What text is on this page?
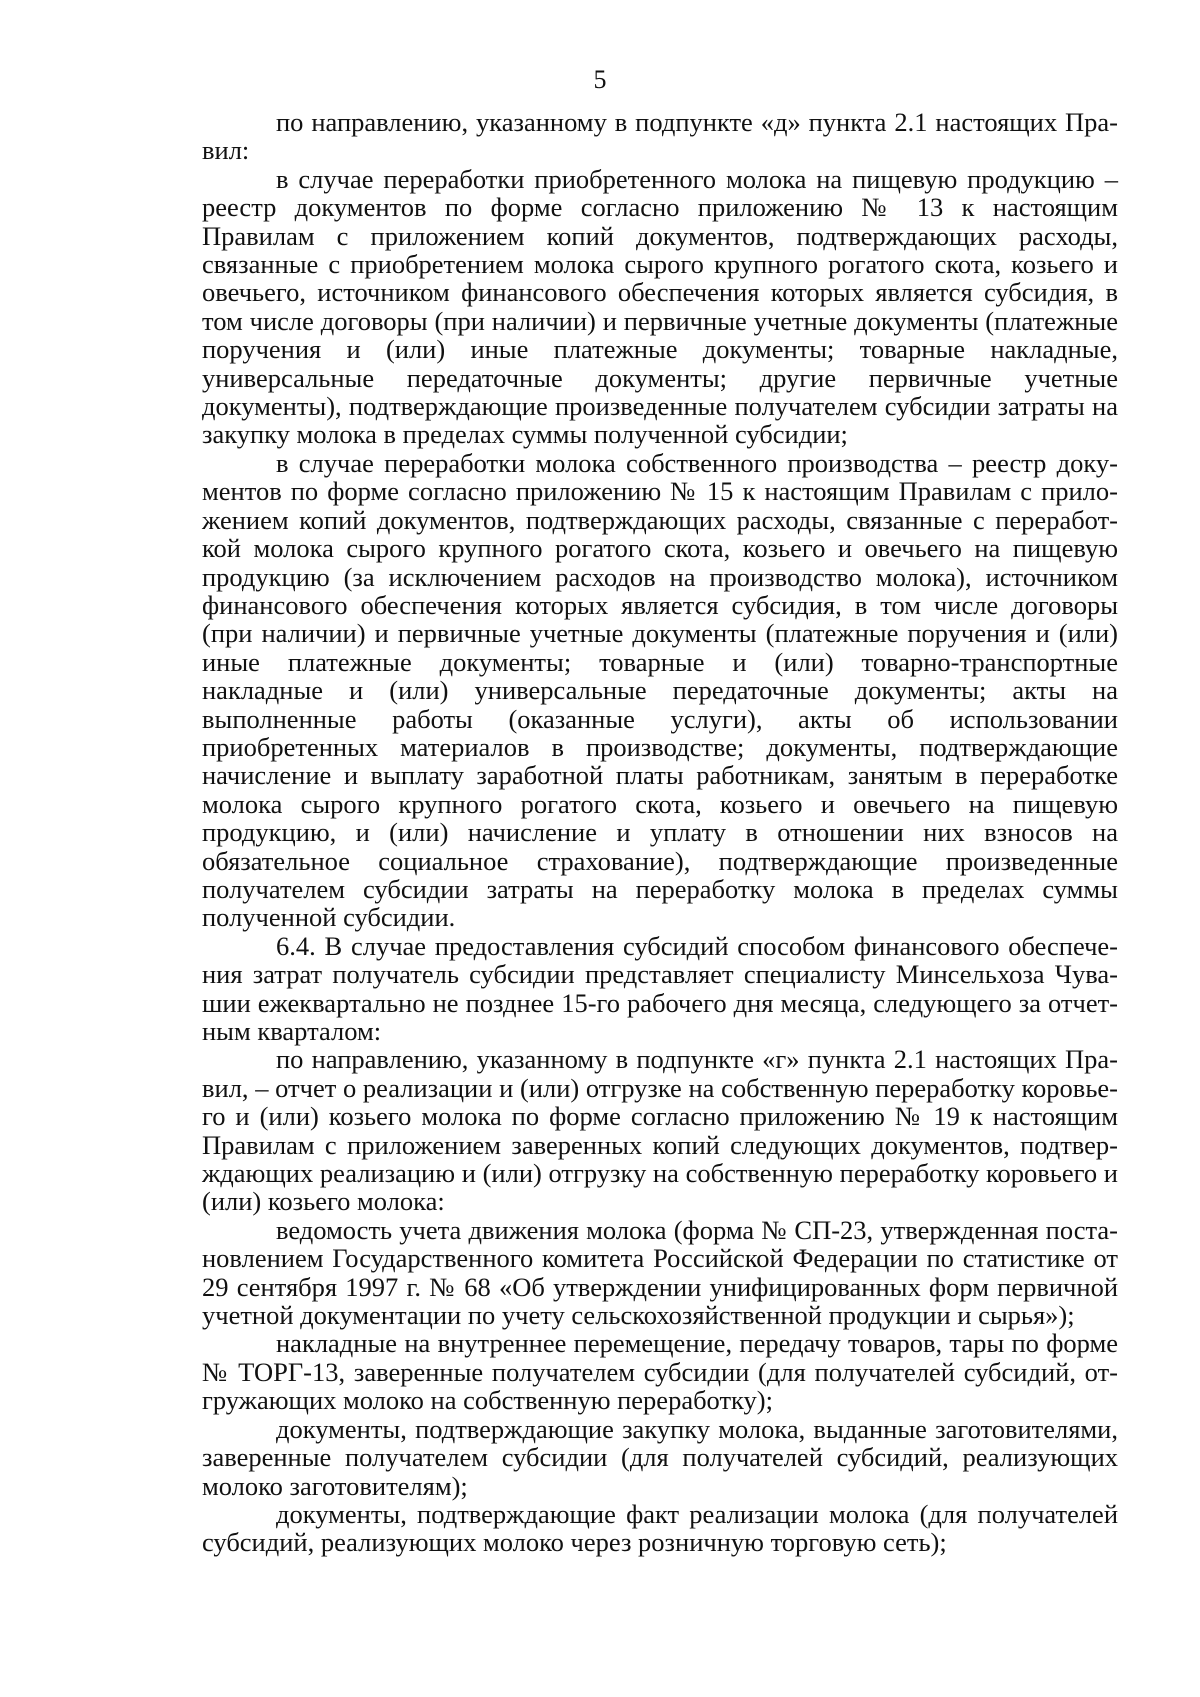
5

по направлению, указанному в подпункте «д» пункта 2.1 настоящих Правил:

в случае переработки приобретенного молока на пищевую продукцию – реестр документов по форме согласно приложению № 13 к настоящим Правилам с приложением копий документов, подтверждающих расходы, связанные с приобретением молока сырого крупного рогатого скота, козьего и овечьего, источником финансового обеспечения которых является субсидия, в том числе договоры (при наличии) и первичные учетные документы (платежные поручения и (или) иные платежные документы; товарные накладные, универсальные передаточные документы; другие первичные учетные документы), подтверждающие произведенные получателем субсидии затраты на закупку молока в пределах суммы полученной субсидии;

в случае переработки молока собственного производства – реестр документов по форме согласно приложению № 15 к настоящим Правилам с приложением копий документов, подтверждающих расходы, связанные с переработкой молока сырого крупного рогатого скота, козьего и овечьего на пищевую продукцию (за исключением расходов на производство молока), источником финансового обеспечения которых является субсидия, в том числе договоры (при наличии) и первичные учетные документы (платежные поручения и (или) иные платежные документы; товарные и (или) товарно-транспортные накладные и (или) универсальные передаточные документы; акты на выполненные работы (оказанные услуги), акты об использовании приобретенных материалов в производстве; документы, подтверждающие начисление и выплату заработной платы работникам, занятым в переработке молока сырого крупного рогатого скота, козьего и овечьего на пищевую продукцию, и (или) начисление и уплату в отношении них взносов на обязательное социальное страхование), подтверждающие произведенные получателем субсидии затраты на переработку молока в пределах суммы полученной субсидии.

6.4. В случае предоставления субсидий способом финансового обеспечения затрат получатель субсидии представляет специалисту Минсельхоза Чувашии ежеквартально не позднее 15-го рабочего дня месяца, следующего за отчетным кварталом:

по направлению, указанному в подпункте «г» пункта 2.1 настоящих Правил, – отчет о реализации и (или) отгрузке на собственную переработку коровьего и (или) козьего молока по форме согласно приложению № 19 к настоящим Правилам с приложением заверенных копий следующих документов, подтверждающих реализацию и (или) отгрузку на собственную переработку коровьего и (или) козьего молока:

ведомость учета движения молока (форма № СП-23, утвержденная постановлением Государственного комитета Российской Федерации по статистике от 29 сентября 1997 г. № 68 «Об утверждении унифицированных форм первичной учетной документации по учету сельскохозяйственной продукции и сырья»);

накладные на внутреннее перемещение, передачу товаров, тары по форме № ТОРГ-13, заверенные получателем субсидии (для получателей субсидий, отгружающих молоко на собственную переработку);

документы, подтверждающие закупку молока, выданные заготовителями, заверенные получателем субсидии (для получателей субсидий, реализующих молоко заготовителям);

документы, подтверждающие факт реализации молока (для получателей субсидий, реализующих молоко через розничную торговую сеть);
